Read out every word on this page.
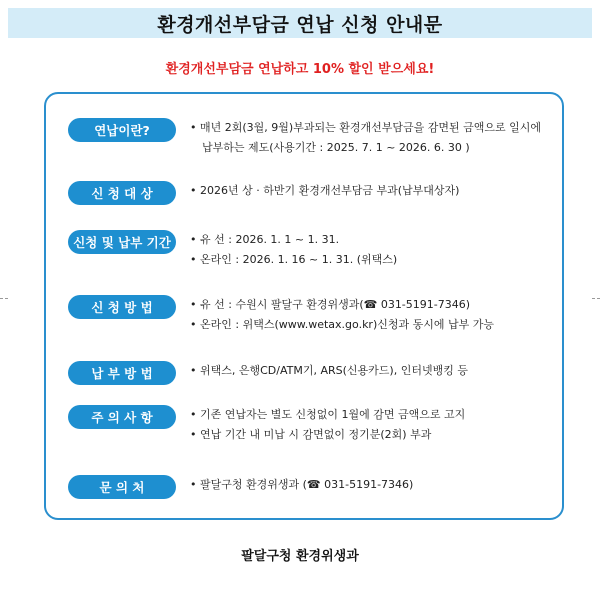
환경개선부담금 연납 신청 안내문
환경개선부담금 연납하고 10% 할인 받으세요!
연납이란?	• 매년 2회(3월, 9월)부과되는 환경개선부담금을 감면된 금액으로 일시에
납부하는 제도(사용기간 : 2025. 7. 1 ~ 2026. 6. 30 )
신 청 대 상	• 2026년 상 · 하반기 환경개선부담금 부과(납부대상자)
신청 및 납부 기간	• 유 선 : 2026. 1. 1 ~ 1. 31.
• 온라인 : 2026. 1. 16 ~ 1. 31. (위택스)
신 청 방 법	• 유 선 : 수원시 팔달구 환경위생과(☎ 031-5191-7346)
• 온라인 : 위택스(www.wetax.go.kr)신청과 동시에 납부 가능
납 부 방 법	• 위택스, 은행CD/ATM기, ARS(신용카드), 인터넷뱅킹 등
주 의 사 항	• 기존 연납자는 별도 신청없이 1월에 감면 금액으로 고지
• 연납 기간 내 미납 시 감면없이 정기분(2회) 부과
문 의 처	• 팔달구청 환경위생과 (☎ 031-5191-7346)
팔달구청 환경위생과
